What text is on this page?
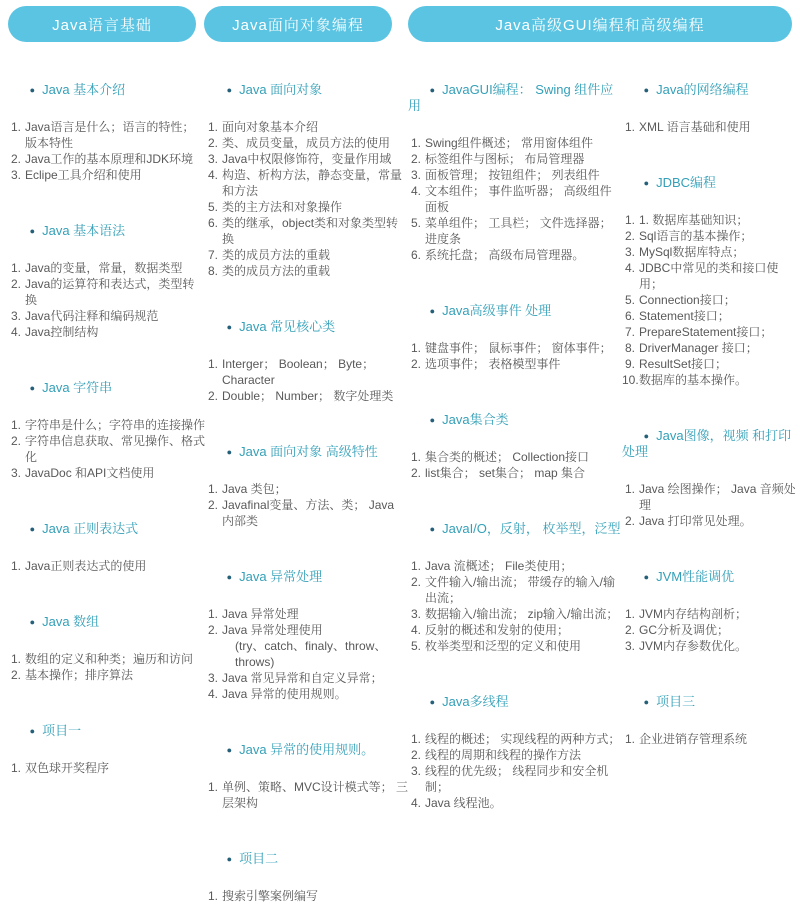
Java语言基础	Java面向对象编程	Java高级GUI编程和高级编程

● Java 基本介绍

1. Java语言是什么；语言的特性；版本特性
2. Java工作的基本原理和JDK环境
3. Eclipe工具介绍和使用

● Java 基本语法

1. Java的变量，常量，数据类型
2. Java的运算符和表达式，类型转换
3. Java代码注释和编码规范
4. Java控制结构

● Java 字符串

1. 字符串是什么；字符串的连接操作
2. 字符串信息获取、常见操作、格式化
3. JavaDoc 和API文档使用

● Java 正则表达式

1. Java正则表达式的使用

● Java 数组

1. 数组的定义和种类；遍历和访问
2. 基本操作；排序算法

● 项目一

1. 双色球开奖程序

● Java 面向对象

1. 面向对象基本介绍
2. 类、成员变量，成员方法的使用
3. Java中权限修饰符，变量作用域
4. 构造、析构方法，静态变量，常量和方法
5. 类的主方法和对象操作
6. 类的继承，object类和对象类型转换
7. 类的成员方法的重载
8. 类的成员方法的重载

● Java 常见核心类

1. Interger； Boolean； Byte； Character
2. Double； Number； 数字处理类

● Java 面向对象 高级特性

1. Java 类包；
2. Javafinal变量、方法、类； Java 内部类

● Java 异常处理

1. Java 异常处理
2. Java 异常处理使用
(try、catch、finaly、throw、throws)
3. Java 常见异常和自定义异常；
4. Java 异常的使用规则。

● Java 异常的使用规则。

1. 单例、策略、MVC设计模式等； 三层架构

● 项目二

1. 搜索引擎案例编写

● JavaGUI编程： Swing 组件应用

1. Swing组件概述； 常用窗体组件
2. 标签组件与图标； 布局管理器
3. 面板管理； 按钮组件； 列表组件
4. 文本组件； 事件监听器； 高级组件面板
5. 菜单组件； 工具栏； 文件选择器； 进度条
6. 系统托盘； 高级布局管理器。

● Java高级事件 处理

1. 键盘事件； 鼠标事件； 窗体事件；
2. 选项事件； 表格模型事件

● Java集合类

1. 集合类的概述； Collection接口
2. list集合； set集合； map 集合

● JavaI/O，反射， 枚举型，泛型

1. Java 流概述； File类使用；
2. 文件输入/输出流； 带缓存的输入/输出流；
3. 数据输入/输出流； zip输入/输出流；
4. 反射的概述和发射的使用；
5. 枚举类型和泛型的定义和使用

● Java多线程

1. 线程的概述； 实现线程的两种方式；
2. 线程的周期和线程的操作方法
3. 线程的优先级； 线程同步和安全机制；
4. Java 线程池。

● Java的网络编程

1. XML 语言基础和使用

● JDBC编程

1. 1. 数据库基础知识；
2. Sql语言的基本操作；
3. MySql数据库特点；
4. JDBC中常见的类和接口使用；
5. Connection接口；
6. Statement接口；
7. PrepareStatement接口；
8. DriverManager 接口；
9. ResultSet接口；
10. 数据库的基本操作。

● Java图像，视频 和打印处理

1. Java 绘图操作； Java 音频处理
2. Java 打印常见处理。

● JVM性能调优

1. JVM内存结构剖析；
2. GC分析及调优；
3. JVM内存参数优化。

● 项目三

1. 企业进销存管理系统
